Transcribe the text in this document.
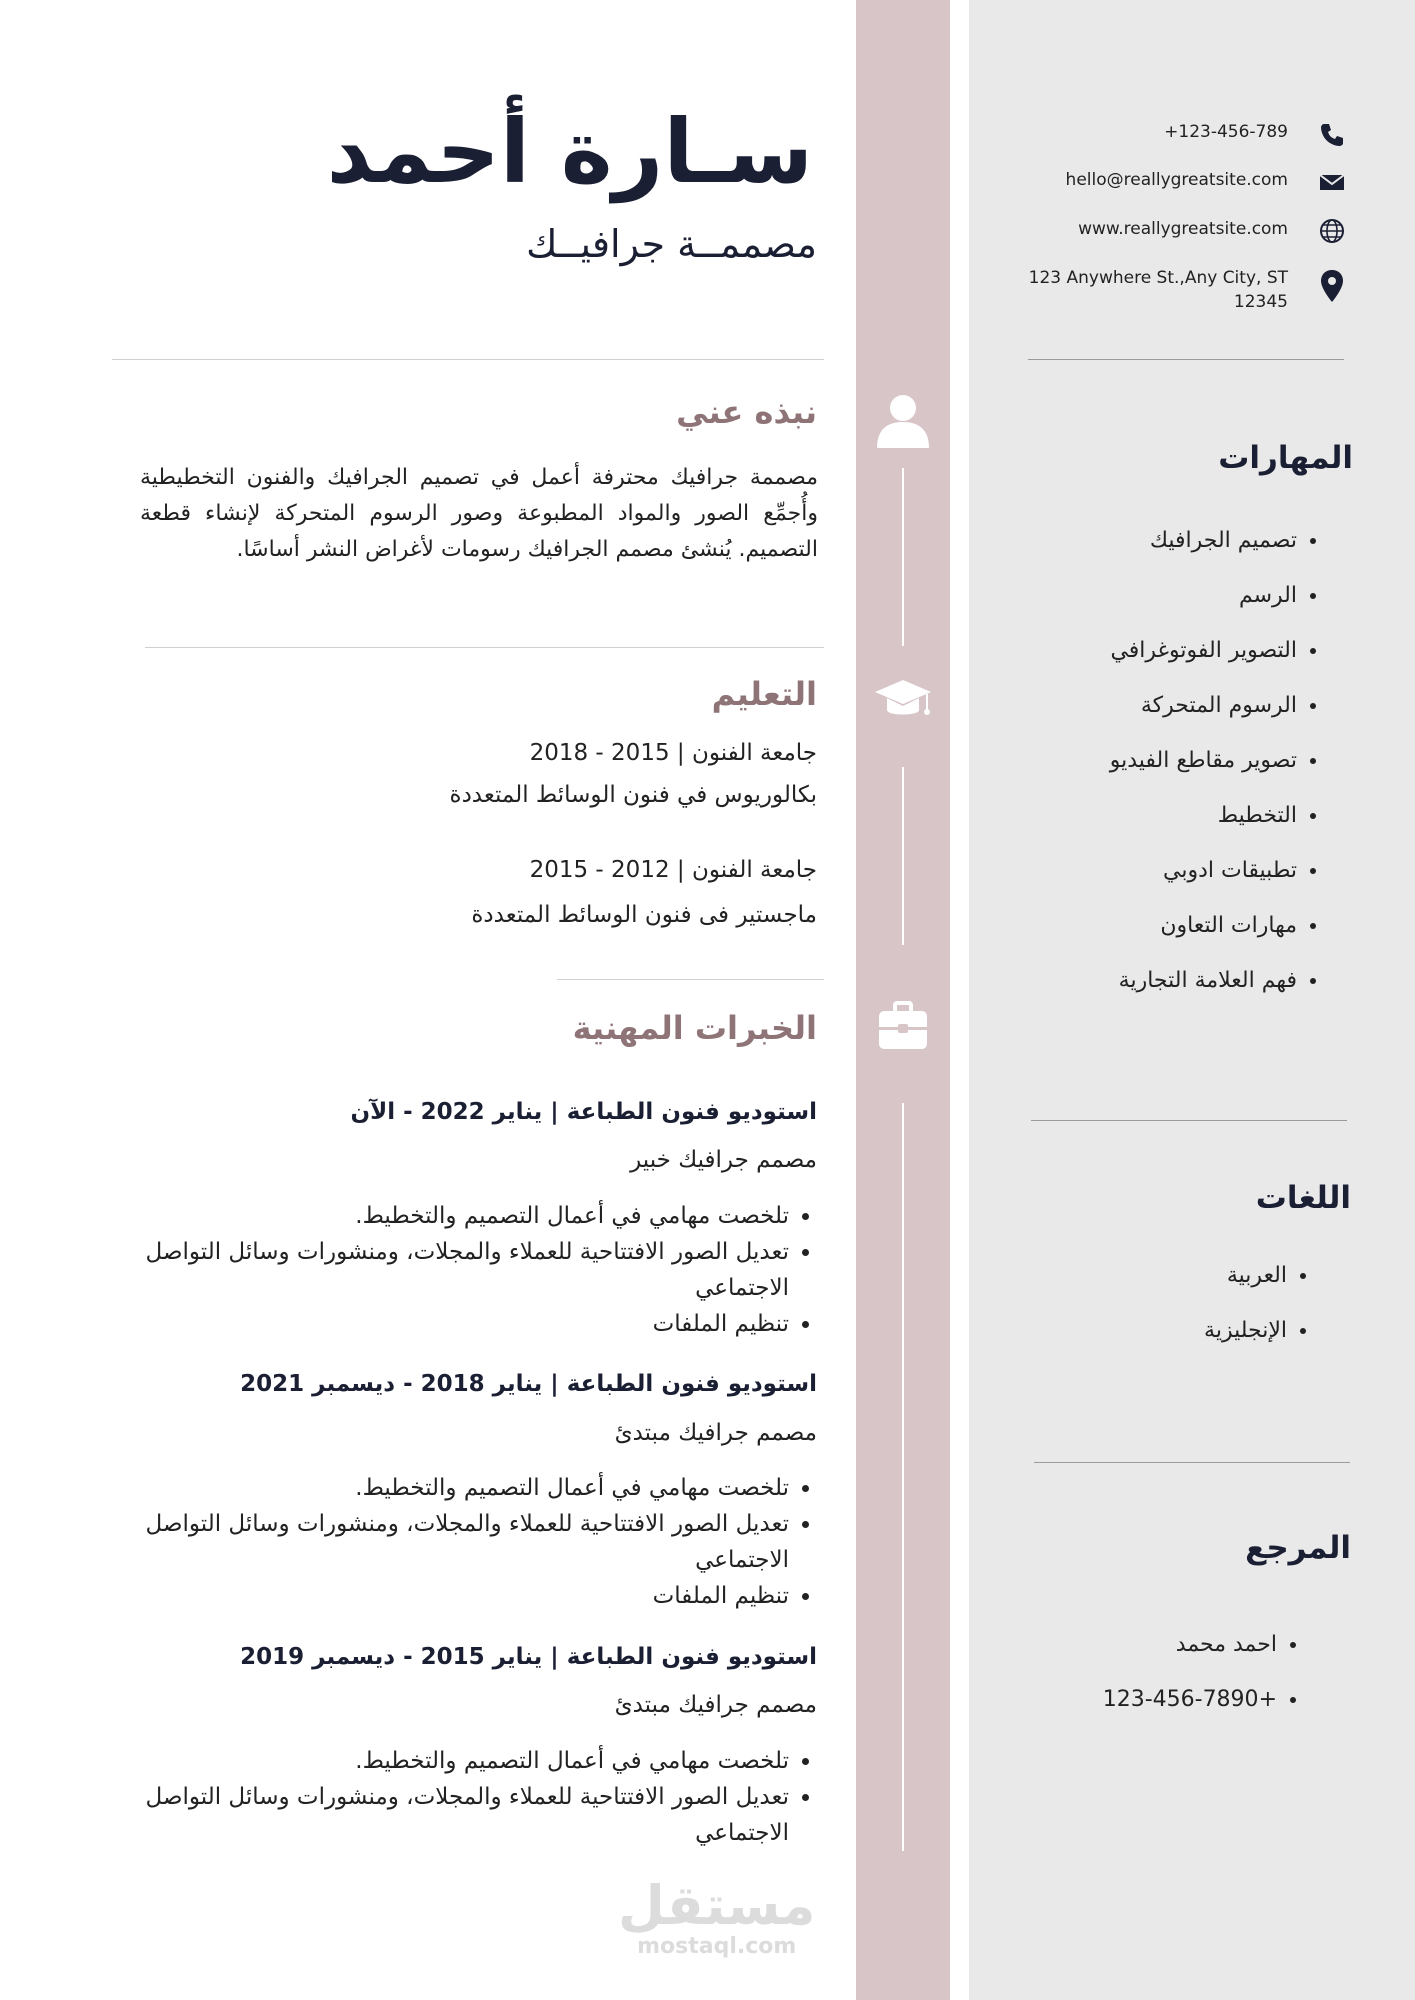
سـارة أحمد
مصممــة جرافيــك
نبذه عني
مصممة جرافيك محترفة أعمل في تصميم الجرافيك والفنون التخطيطية وأُجمِّع الصور والمواد المطبوعة وصور الرسوم المتحركة لإنشاء قطعة التصميم. يُنشئ مصمم الجرافيك رسومات لأغراض النشر أساسًا.
التعليم
جامعة الفنون | 2015 - 2018
بكالوريوس في فنون الوسائط المتعددة
جامعة الفنون | 2012 - 2015
ماجستير فى فنون الوسائط المتعددة
الخبرات المهنية
استوديو فنون الطباعة | يناير 2022 - الآن
مصمم جرافيك خبير
• تلخصت مهامي في أعمال التصميم والتخطيط.
• تعديل الصور الافتتاحية للعملاء والمجلات، ومنشورات وسائل التواصل الاجتماعي
• تنظيم الملفات
استوديو فنون الطباعة | يناير 2018 - ديسمبر 2021
مصمم جرافيك مبتدئ
• تلخصت مهامي في أعمال التصميم والتخطيط.
• تعديل الصور الافتتاحية للعملاء والمجلات، ومنشورات وسائل التواصل الاجتماعي
• تنظيم الملفات
استوديو فنون الطباعة | يناير 2015 - ديسمبر 2019
مصمم جرافيك مبتدئ
• تلخصت مهامي في أعمال التصميم والتخطيط.
• تعديل الصور الافتتاحية للعملاء والمجلات، ومنشورات وسائل التواصل الاجتماعي
مستقل
mostaql.com
+123-456-789
hello@reallygreatsite.com
www.reallygreatsite.com
123 Anywhere St.,Any City, ST
12345
المهارات
• تصميم الجرافيك
• الرسم
• التصوير الفوتوغرافي
• الرسوم المتحركة
• تصوير مقاطع الفيديو
• التخطيط
• تطبيقات ادوبي
• مهارات التعاون
• فهم العلامة التجارية
اللغات
• العربية
• الإنجليزية
المرجع
• احمد محمد
• +123-456-7890
